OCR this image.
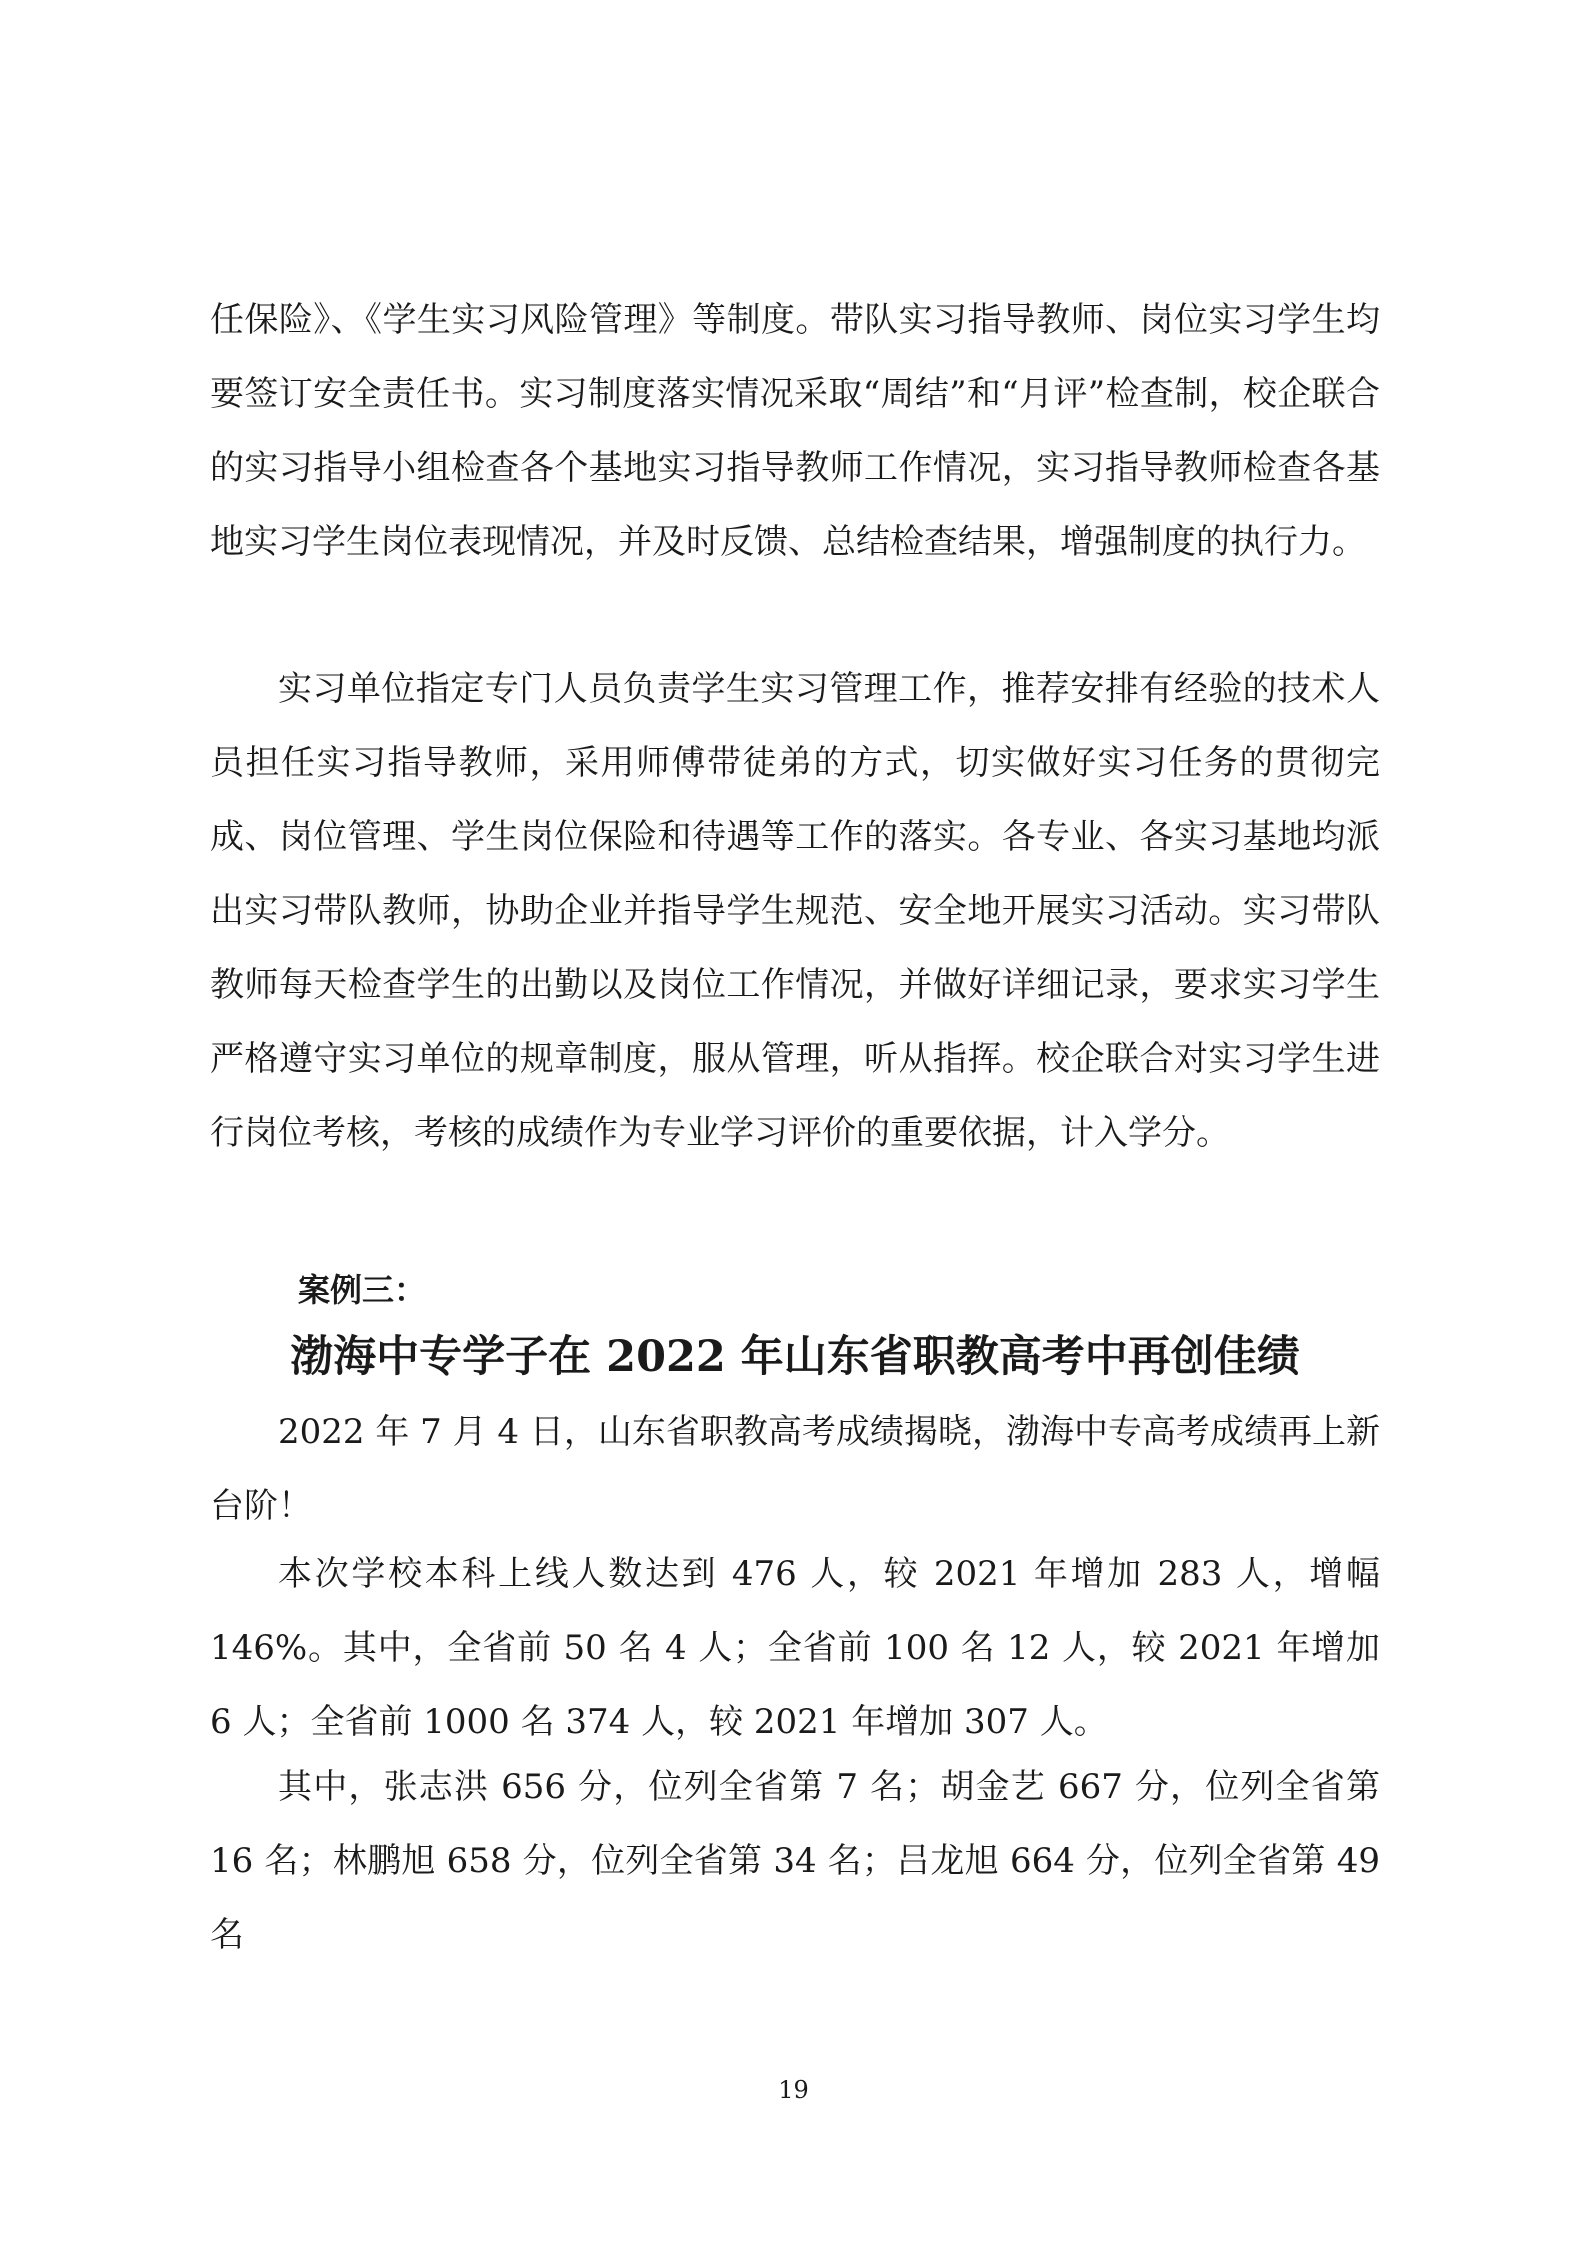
任保险》、《学生实习风险管理》等制度。带队实习指导教师、岗位实习学生均要签订安全责任书。实习制度落实情况采取“周结”和“月评”检查制，校企联合的实习指导小组检查各个基地实习指导教师工作情况，实习指导教师检查各基地实习学生岗位表现情况，并及时反馈、总结检查结果，增强制度的执行力。

实习单位指定专门人员负责学生实习管理工作，推荐安排有经验的技术人员担任实习指导教师，采用师傅带徒弟的方式，切实做好实习任务的贯彻完成、岗位管理、学生岗位保险和待遇等工作的落实。各专业、各实习基地均派出实习带队教师，协助企业并指导学生规范、安全地开展实习活动。实习带队教师每天检查学生的出勤以及岗位工作情况，并做好详细记录，要求实习学生严格遵守实习单位的规章制度，服从管理，听从指挥。校企联合对实习学生进行岗位考核，考核的成绩作为专业学习评价的重要依据，计入学分。

案例三：

渤海中专学子在 2022 年山东省职教高考中再创佳绩

2022 年 7 月 4 日，山东省职教高考成绩揭晓，渤海中专高考成绩再上新台阶！

本次学校本科上线人数达到 476 人，较 2021 年增加 283 人，增幅 146%。其中，全省前 50 名 4 人；全省前 100 名 12 人，较 2021 年增加 6 人；全省前 1000 名 374 人，较 2021 年增加 307 人。

其中，张志洪 656 分，位列全省第 7 名；胡金艺 667 分，位列全省第 16 名；林鹏旭 658 分，位列全省第 34 名；吕龙旭 664 分，位列全省第 49 名

19
